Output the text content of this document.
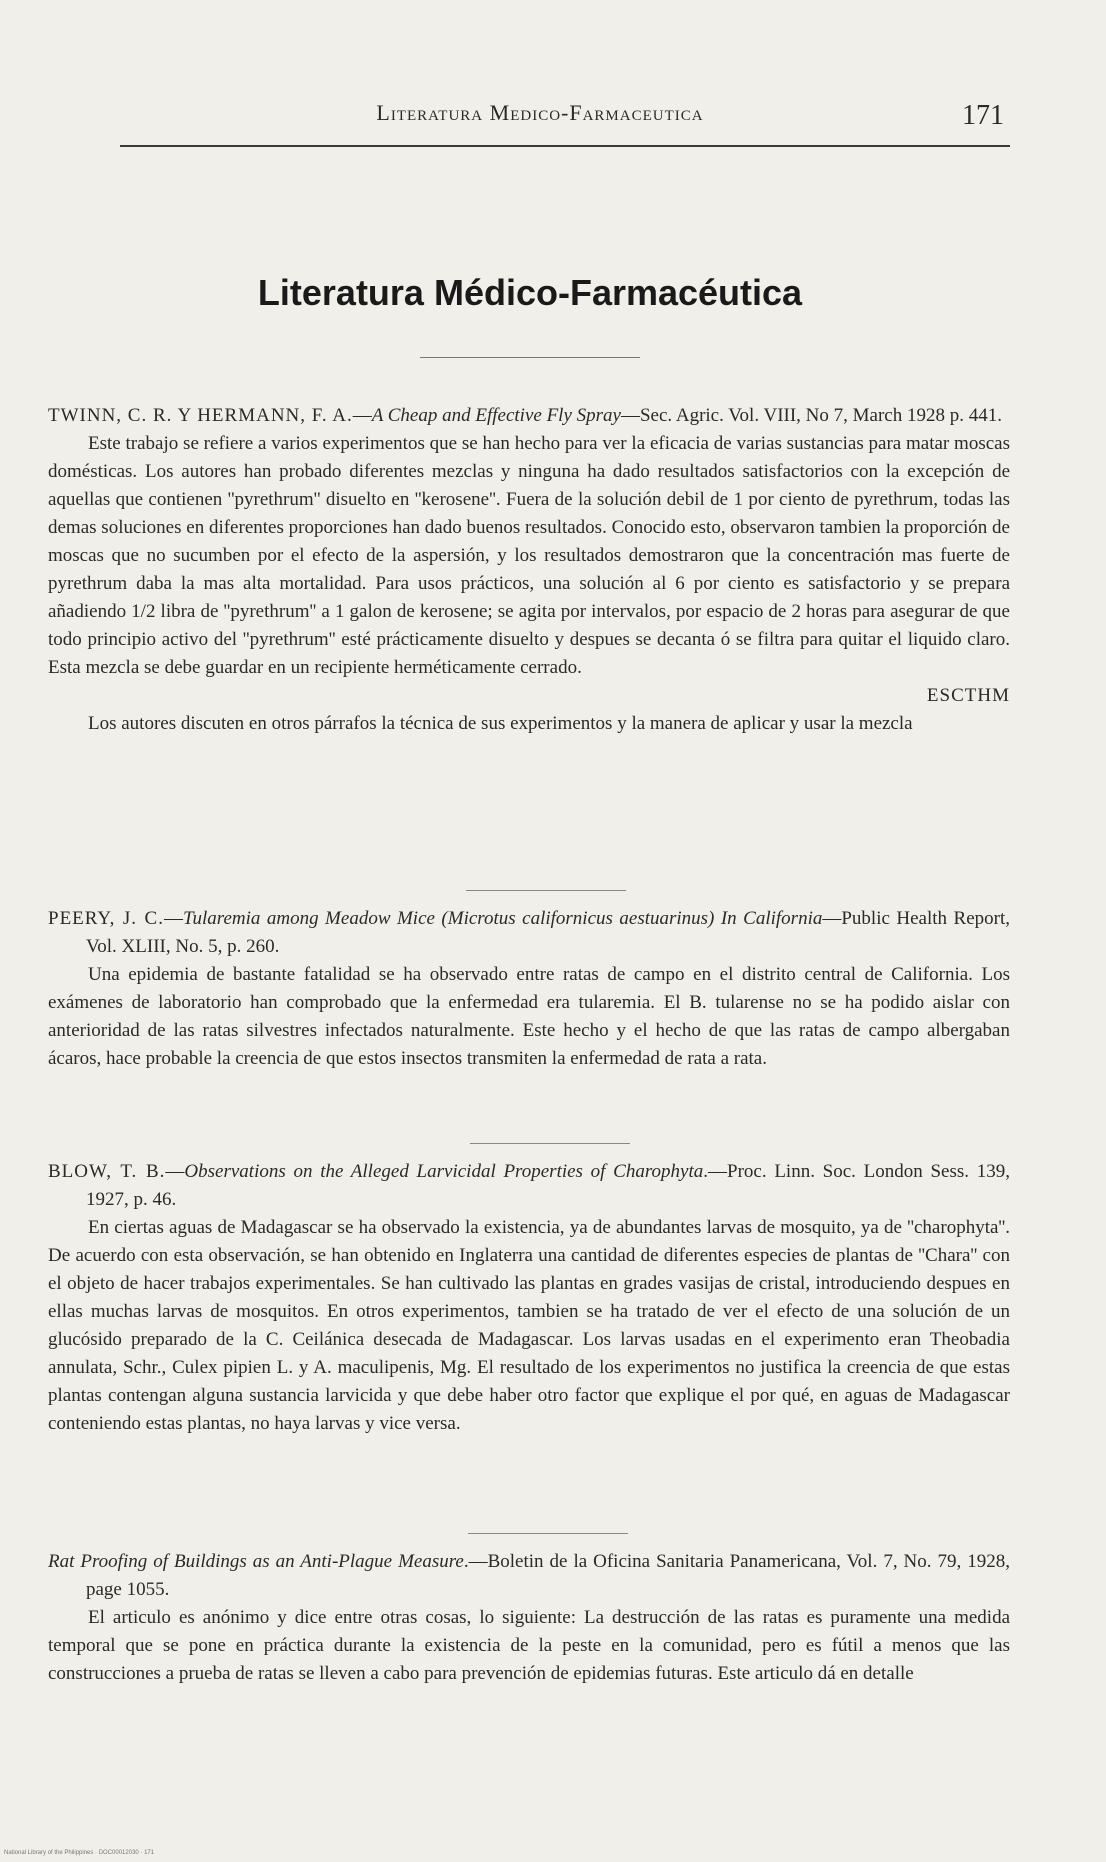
Literatura Medico-Farmaceutica	171
Literatura Médico-Farmacéutica
TWINN, C. R. Y HERMANN, F. A.—A Cheap and Effective Fly Spray—Sec. Agric. Vol. VIII, No 7, March 1928 p. 441.

Este trabajo se refiere a varios experimentos que se han hecho para ver la eficacia de varias sustancias para matar moscas domésticas. Los autores han probado diferentes mezclas y ninguna ha dado resultados satisfactorios con la excepción de aquellas que contienen ''pyrethrum'' disuelto en ''kerosene''. Fuera de la solución debil de 1 por ciento de pyrethrum, todas las demas soluciones en diferentes proporciones han dado buenos resultados. Conocido esto, observaron tambien la proporción de moscas que no sucumben por el efecto de la aspersión, y los resultados demostraron que la concentración mas fuerte de pyrethrum daba la mas alta mortalidad. Para usos prácticos, una solución al 6 por ciento es satisfactorio y se prepara añadiendo 1/2 libra de ''pyrethrum'' a 1 galon de kerosene; se agita por intervalos, por espacio de 2 horas para asegurar de que todo principio activo del ''pyrethrum'' esté prácticamente disuelto y despues se decanta ó se filtra para quitar el liquido claro. Esta mezcla se debe guardar en un recipiente herméticamente cerrado.

ESCTHM

Los autores discuten en otros párrafos la técnica de sus experimentos y la manera de aplicar y usar la mezcla

PEERY, J. C.—Tularemia among Meadow Mice (Microtus californicus aestuarinus) In California—Public Health Report, Vol. XLIII, No. 5, p. 260.

Una epidemia de bastante fatalidad se ha observado entre ratas de campo en el distrito central de California. Los exámenes de laboratorio han comprobado que la enfermedad era tularemia. El B. tularense no se ha podido aislar con anterioridad de las ratas silvestres infectados naturalmente. Este hecho y el hecho de que las ratas de campo albergaban ácaros, hace probable la creencia de que estos insectos transmiten la enfermedad de rata a rata.

BLOW, T. B.—Observations on the Alleged Larvicidal Properties of Charophyta.—Proc. Linn. Soc. London Sess. 139, 1927, p. 46.

En ciertas aguas de Madagascar se ha observado la existencia, ya de abundantes larvas de mosquito, ya de ''charophyta''. De acuerdo con esta observación, se han obtenido en Inglaterra una cantidad de diferentes especies de plantas de ''Chara'' con el objeto de hacer trabajos experimentales. Se han cultivado las plantas en grades vasijas de cristal, introduciendo despues en ellas muchas larvas de mosquitos. En otros experimentos, tambien se ha tratado de ver el efecto de una solución de un glucósido preparado de la C. Ceilánica desecada de Madagascar. Los larvas usadas en el experimento eran Theobadia annulata, Schr., Culex pipien L. y A. maculipenis, Mg. El resultado de los experimentos no justifica la creencia de que estas plantas contengan alguna sustancia larvicida y que debe haber otro factor que explique el por qué, en aguas de Madagascar conteniendo estas plantas, no haya larvas y vice versa.

Rat Proofing of Buildings as an Anti-Plague Measure.—Boletin de la Oficina Sanitaria Panamericana, Vol. 7, No. 79, 1928, page 1055.

El articulo es anónimo y dice entre otras cosas, lo siguiente: La destrucción de las ratas es puramente una medida temporal que se pone en práctica durante la existencia de la peste en la comunidad, pero es fútil a menos que las construcciones a prueba de ratas se lleven a cabo para prevención de epidemias futuras. Este articulo dá en detalle

National Library of the Philippines · DOC00012030 · 171
